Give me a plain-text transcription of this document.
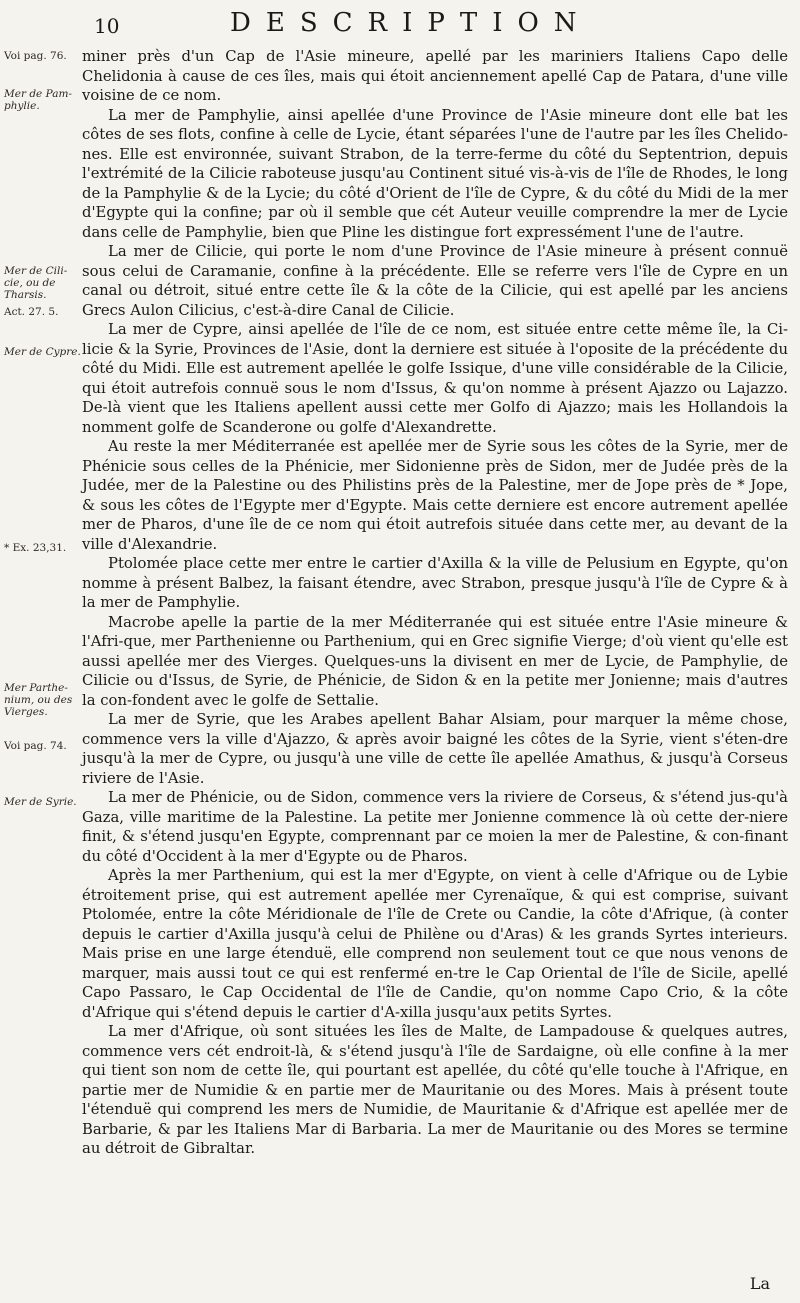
10	DESCRIPTION
Voi pag. 76.
Mer de Pam-phylie.
Mer de Cili-cie, ou de Tharsis.
Act. 27. 5.
Mer de Cypre.
* Ex. 23,31.
Mer Parthe-nium, ou des Vierges.
Voi pag. 74.
Mer de Syrie.

miner près d'un Cap de l'Asie mineure, apellé par les mariniers Italiens Capo delle Chelidonia à cause de ces îles, mais qui étoit anciennement apellé Cap de Patara, d'une ville voisine de ce nom.

La mer de Pamphylie, ainsi apellée d'une Province de l'Asie mineure dont elle bat les côtes de ses flots, confine à celle de Lycie, étant séparées l'une de l'autre par les îles Chelido-nes. Elle est environnée, suivant Strabon, de la terre-ferme du côté du Septentrion, depuis l'extrémité de la Cilicie raboteuse jusqu'au Continent situé vis-à-vis de l'île de Rhodes, le long de la Pamphylie & de la Lycie; du côté d'Orient de l'île de Cypre, & du côté du Midi de la mer d'Egypte qui la confine; par où il semble que cét Auteur veuille comprendre la mer de Lycie dans celle de Pamphylie, bien que Pline les distingue fort expressément l'une de l'autre.

La mer de Cilicie, qui porte le nom d'une Province de l'Asie mineure à présent connuë sous celui de Caramanie, confine à la précédente. Elle se referre vers l'île de Cypre en un canal ou détroit, situé entre cette île & la côte de la Cilicie, qui est apellé par les anciens Grecs Aulon Cilicius, c'est-à-dire Canal de Cilicie.

La mer de Cypre, ainsi apellée de l'île de ce nom, est située entre cette même île, la Ci-licie & la Syrie, Provinces de l'Asie, dont la derniere est située à l'oposite de la précédente du côté du Midi. Elle est autrement apellée le golfe Issique, d'une ville considérable de la Cilicie, qui étoit autrefois connuë sous le nom d'Issus, & qu'on nomme à présent Ajazzo ou Lajazzo. De-là vient que les Italiens apellent aussi cette mer Golfo di Ajazzo; mais les Hollandois la nomment golfe de Scanderone ou golfe d'Alexandrette.

Au reste la mer Méditerranée est apellée mer de Syrie sous les côtes de la Syrie, mer de Phénicie sous celles de la Phénicie, mer Sidonienne près de Sidon, mer de Judée près de la Judée, mer de la Palestine ou des Philistins près de la Palestine, mer de Jope près de * Jope, & sous les côtes de l'Egypte mer d'Egypte. Mais cette derniere est encore autrement apellée mer de Pharos, d'une île de ce nom qui étoit autrefois située dans cette mer, au devant de la ville d'Alexandrie.

Ptolomée place cette mer entre le cartier d'Axilla & la ville de Pelusium en Egypte, qu'on nomme à présent Balbez, la faisant étendre, avec Strabon, presque jusqu'à l'île de Cypre & à la mer de Pamphylie.

Macrobe apelle la partie de la mer Méditerranée qui est située entre l'Asie mineure & l'Afri-que, mer Parthenienne ou Parthenium, qui en Grec signifie Vierge; d'où vient qu'elle est aussi apellée mer des Vierges. Quelques-uns la divisent en mer de Lycie, de Pamphylie, de Cilicie ou d'Issus, de Syrie, de Phénicie, de Sidon & en la petite mer Jonienne; mais d'autres la con-fondent avec le golfe de Settalie.

La mer de Syrie, que les Arabes apellent Bahar Alsiam, pour marquer la même chose, commence vers la ville d'Ajazzo, & après avoir baigné les côtes de la Syrie, vient s'éten-dre jusqu'à la mer de Cypre, ou jusqu'à une ville de cette île apellée Amathus, & jusqu'à Corseus riviere de l'Asie.

La mer de Phénicie, ou de Sidon, commence vers la riviere de Corseus, & s'étend jus-qu'à Gaza, ville maritime de la Palestine. La petite mer Jonienne commence là où cette der-niere finit, & s'étend jusqu'en Egypte, comprennant par ce moien la mer de Palestine, & con-finant du côté d'Occident à la mer d'Egypte ou de Pharos.

Après la mer Parthenium, qui est la mer d'Egypte, on vient à celle d'Afrique ou de Lybie étroitement prise, qui est autrement apellée mer Cyrenaïque, & qui est comprise, suivant Ptolomée, entre la côte Méridionale de l'île de Crete ou Candie, la côte d'Afrique, (à conter depuis le cartier d'Axilla jusqu'à celui de Philène ou d'Aras) & les grands Syrtes interieurs. Mais prise en une large étenduë, elle comprend non seulement tout ce que nous venons de marquer, mais aussi tout ce qui est renfermé en-tre le Cap Oriental de l'île de Sicile, apellé Capo Passaro, le Cap Occidental de l'île de Candie, qu'on nomme Capo Crio, & la côte d'Afrique qui s'étend depuis le cartier d'A-xilla jusqu'aux petits Syrtes.

La mer d'Afrique, où sont situées les îles de Malte, de Lampadouse & quelques autres, commence vers cét endroit-là, & s'étend jusqu'à l'île de Sardaigne, où elle confine à la mer qui tient son nom de cette île, qui pourtant est apellée, du côté qu'elle touche à l'Afrique, en partie mer de Numidie & en partie mer de Mauritanie ou des Mores. Mais à présent toute l'étenduë qui comprend les mers de Numidie, de Mauritanie & d'Afrique est apellée mer de Barbarie, & par les Italiens Mar di Barbaria. La mer de Mauritanie ou des Mores se termine au détroit de Gibraltar.

La
